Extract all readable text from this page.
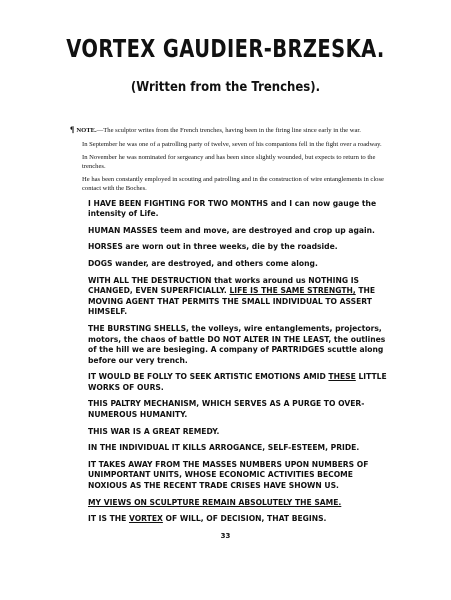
VORTEX GAUDIER-BRZESKA.
(Written from the Trenches).

¶ NOTE.—The sculptor writes from the French trenches, having been in the firing line since early in the war.

In September he was one of a patrolling party of twelve, seven of his companions fell in the fight over a roadway.

In November he was nominated for sergeancy and has been since slightly wounded, but expects to return to the trenches.

He has been constantly employed in scouting and patrolling and in the construction of wire entanglements in close contact with the Boches.

I HAVE BEEN FIGHTING FOR TWO MONTHS and I can now gauge the intensity of Life.

HUMAN MASSES teem and move, are destroyed and crop up again.

HORSES are worn out in three weeks, die by the roadside.

DOGS wander, are destroyed, and others come along.

WITH ALL THE DESTRUCTION that works around us NOTHING IS CHANGED, EVEN SUPERFICIALLY. LIFE IS THE SAME STRENGTH, THE MOVING AGENT THAT PERMITS THE SMALL INDIVIDUAL TO ASSERT HIMSELF.

THE BURSTING SHELLS, the volleys, wire entanglements, projectors, motors, the chaos of battle DO NOT ALTER IN THE LEAST, the outlines of the hill we are besieging. A company of PARTRIDGES scuttle along before our very trench.

IT WOULD BE FOLLY TO SEEK ARTISTIC EMOTIONS AMID THESE LITTLE WORKS OF OURS.

THIS PALTRY MECHANISM, WHICH SERVES AS A PURGE TO OVER-NUMEROUS HUMANITY.

THIS WAR IS A GREAT REMEDY.

IN THE INDIVIDUAL IT KILLS ARROGANCE, SELF-ESTEEM, PRIDE.

IT TAKES AWAY FROM THE MASSES NUMBERS UPON NUMBERS OF UNIMPORTANT UNITS, WHOSE ECONOMIC ACTIVITIES BECOME NOXIOUS AS THE RECENT TRADE CRISES HAVE SHOWN US.

MY VIEWS ON SCULPTURE REMAIN ABSOLUTELY THE SAME.

IT IS THE VORTEX OF WILL, OF DECISION, THAT BEGINS.

33
